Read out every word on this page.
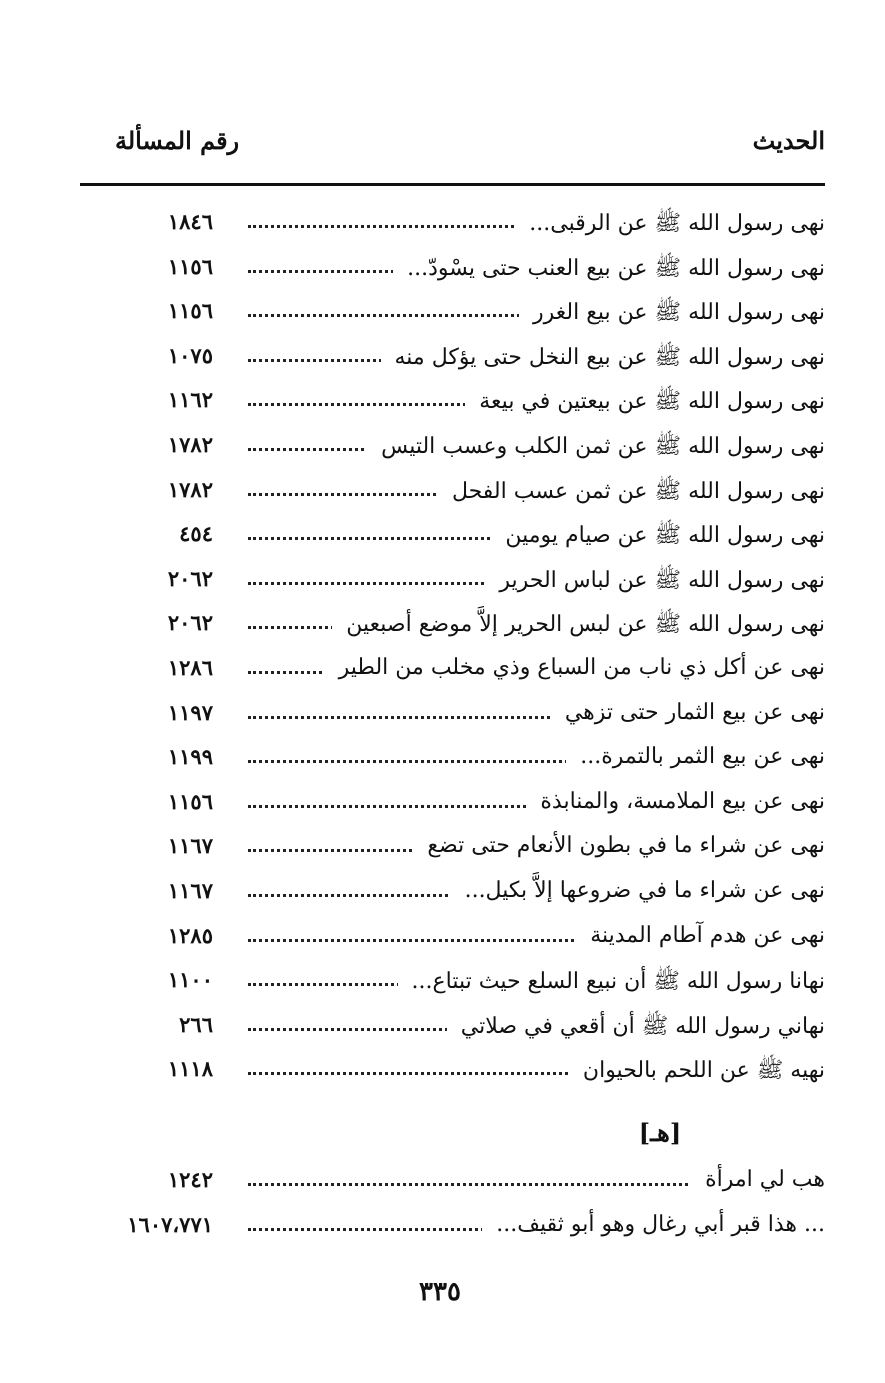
رقم المسألة	الحديث
نهى رسول الله ﷺ عن الرقبى...
١٨٤٦
نهى رسول الله ﷺ عن بيع العنب حتى يسْودّ...
١١٥٦
نهى رسول الله ﷺ عن بيع الغرر
١١٥٦
نهى رسول الله ﷺ عن بيع النخل حتى يؤكل منه
١٠٧٥
نهى رسول الله ﷺ عن بيعتين في بيعة
١١٦٢
نهى رسول الله ﷺ عن ثمن الكلب وعسب التيس
١٧٨٢
نهى رسول الله ﷺ عن ثمن عسب الفحل
١٧٨٢
نهى رسول الله ﷺ عن صيام يومين
٤٥٤
نهى رسول الله ﷺ عن لباس الحرير
٢٠٦٢
نهى رسول الله ﷺ عن لبس الحرير إلاَّ موضع أصبعين
٢٠٦٢
نهى عن أكل ذي ناب من السباع وذي مخلب من الطير
١٢٨٦
نهى عن بيع الثمار حتى تزهي
١١٩٧
نهى عن بيع الثمر بالتمرة...
١١٩٩
نهى عن بيع الملامسة، والمنابذة
١١٥٦
نهى عن شراء ما في بطون الأنعام حتى تضع
١١٦٧
نهى عن شراء ما في ضروعها إلاَّ بكيل...
١١٦٧
نهى عن هدم آطام المدينة
١٢٨٥
نهانا رسول الله ﷺ أن نبيع السلع حيث تبتاع...
١١٠٠
نهاني رسول الله ﷺ أن أقعي في صلاتي
٢٦٦
نهيه ﷺ عن اللحم بالحيوان
١١١٨
[هـ]
هب لي امرأة
١٢٤٢
... هذا قبر أبي رغال وهو أبو ثقيف...
١٦٠٧،٧٧١
٣٣٥
